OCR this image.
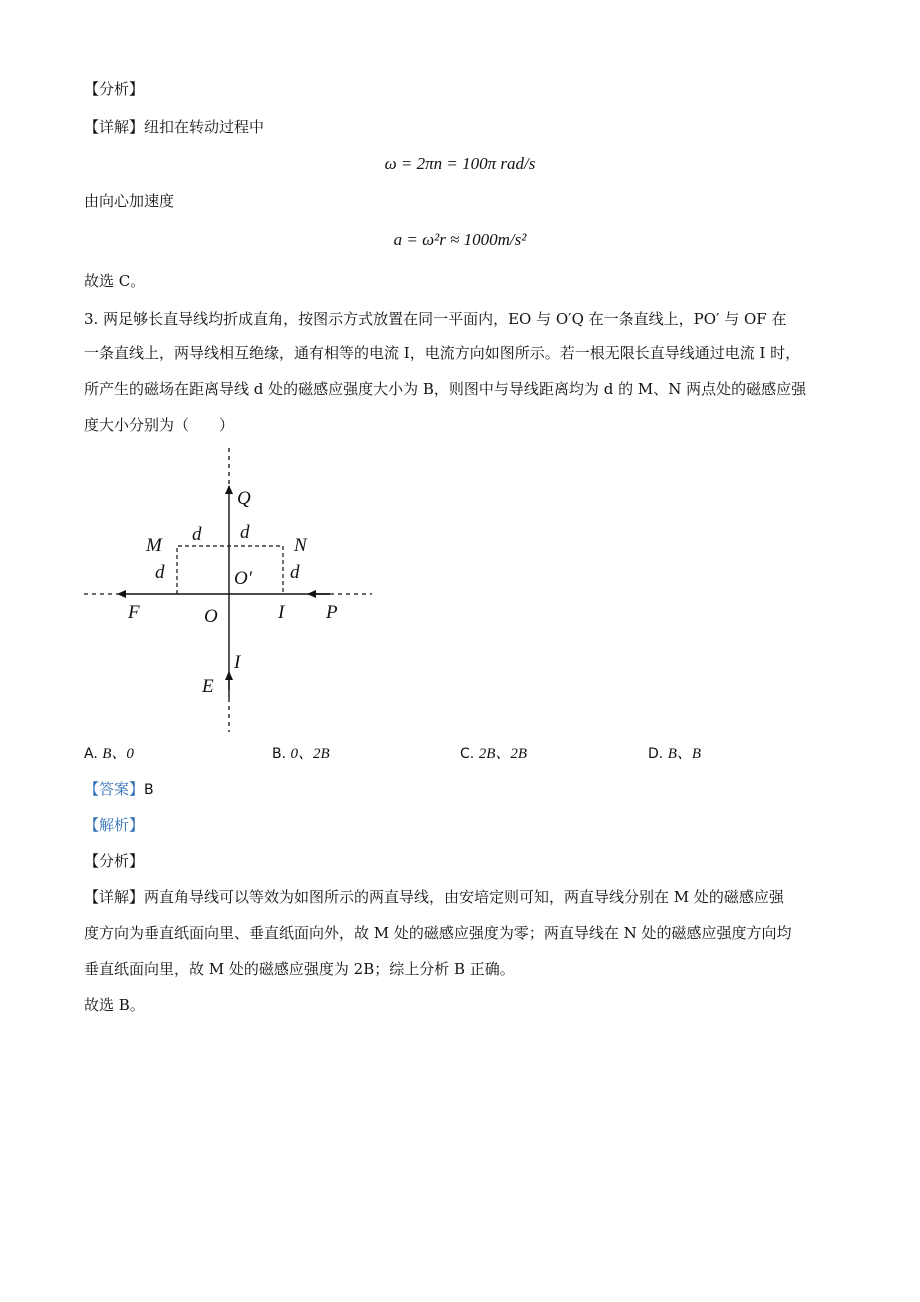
【分析】
【详解】纽扣在转动过程中
ω = 2πn = 100π rad/s
由向心加速度
a = ω²r ≈ 1000m/s²
故选 C。
3. 两足够长直导线均折成直角，按图示方式放置在同一平面内，EO 与 O′Q 在一条直线上，PO′ 与 OF 在
一条直线上，两导线相互绝缘，通有相等的电流 I，电流方向如图所示。若一根无限长直导线通过电流 I 时，
所产生的磁场在距离导线 d 处的磁感应强度大小为 B，则图中与导线距离均为 d 的 M、N 两点处的磁感应强
度大小分别为（　　）
Q
d
d
M	N
d	O′ d
F	O	I P
I
E
A. B、0	B. 0、2B	C. 2B、2B	D. B、B
【答案】B
【解析】
【分析】
【详解】两直角导线可以等效为如图所示的两直导线，由安培定则可知，两直导线分别在 M 处的磁感应强
度方向为垂直纸面向里、垂直纸面向外，故 M 处的磁感应强度为零；两直导线在 N 处的磁感应强度方向均
垂直纸面向里，故 M 处的磁感应强度为 2B；综上分析 B 正确。
故选 B。
